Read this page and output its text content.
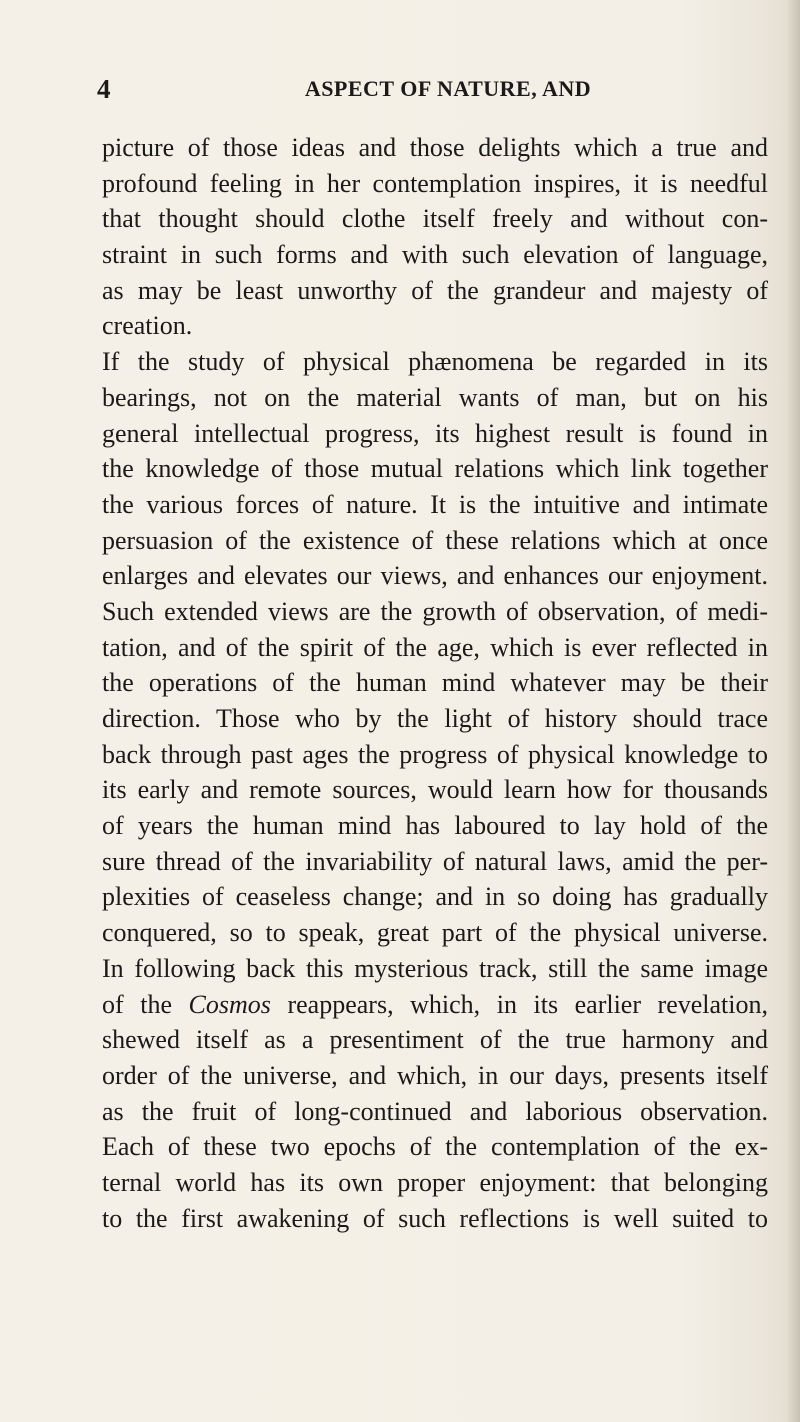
4	ASPECT OF NATURE, AND
picture of those ideas and those delights which a true and
profound feeling in her contemplation inspires, it is needful
that thought should clothe itself freely and without con-
straint in such forms and with such elevation of language,
as may be least unworthy of the grandeur and majesty of
creation.
If the study of physical phænomena be regarded in its
bearings, not on the material wants of man, but on his
general intellectual progress, its highest result is found in
the knowledge of those mutual relations which link together
the various forces of nature. It is the intuitive and intimate
persuasion of the existence of these relations which at once
enlarges and elevates our views, and enhances our enjoyment.
Such extended views are the growth of observation, of medi-
tation, and of the spirit of the age, which is ever reflected in
the operations of the human mind whatever may be their
direction. Those who by the light of history should trace
back through past ages the progress of physical knowledge to
its early and remote sources, would learn how for thousands
of years the human mind has laboured to lay hold of the
sure thread of the invariability of natural laws, amid the per-
plexities of ceaseless change; and in so doing has gradually
conquered, so to speak, great part of the physical universe.
In following back this mysterious track, still the same image
of the Cosmos reappears, which, in its earlier revelation,
shewed itself as a presentiment of the true harmony and
order of the universe, and which, in our days, presents itself
as the fruit of long-continued and laborious observation.
Each of these two epochs of the contemplation of the ex-
ternal world has its own proper enjoyment: that belonging
to the first awakening of such reflections is well suited to
